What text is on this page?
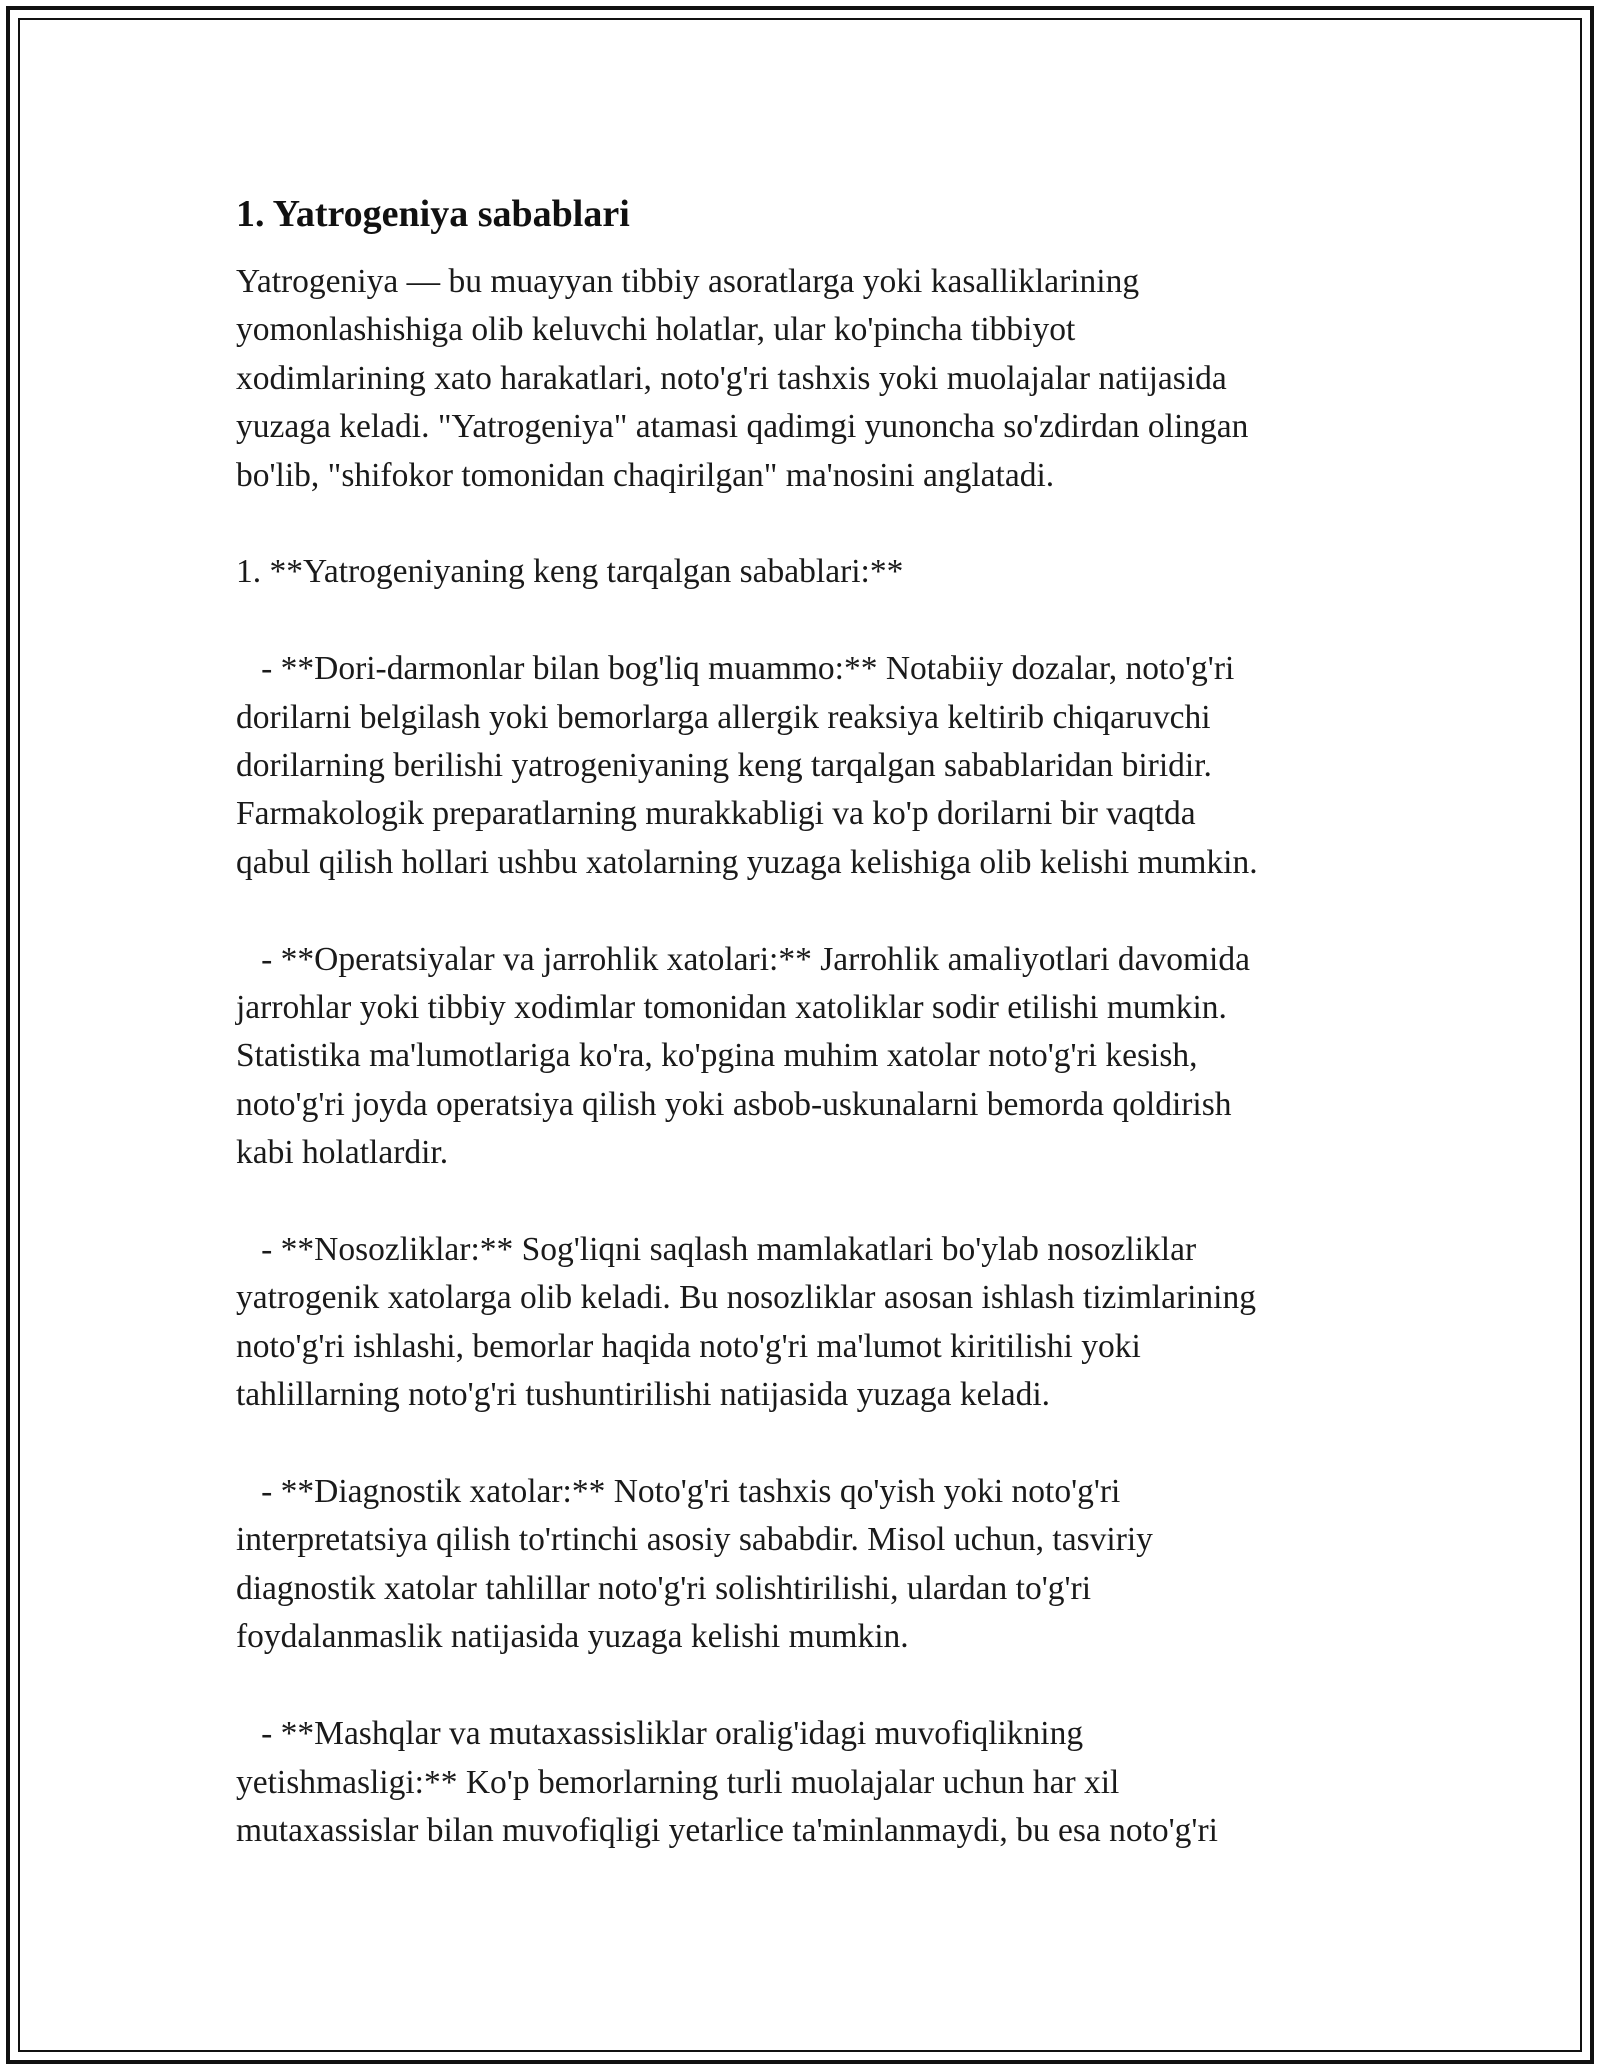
1. Yatrogeniya sabablari

Yatrogeniya — bu muayyan tibbiy asoratlarga yoki kasalliklarining
yomonlashishiga olib keluvchi holatlar, ular ko'pincha tibbiyot
xodimlarining xato harakatlari, noto'g'ri tashxis yoki muolajalar natijasida
yuzaga keladi. "Yatrogeniya" atamasi qadimgi yunoncha so'zdirdan olingan
bo'lib, "shifokor tomonidan chaqirilgan" ma'nosini anglatadi.

1. **Yatrogeniyaning keng tarqalgan sabablari:**

- **Dori-darmonlar bilan bog'liq muammo:** Notabiiy dozalar, noto'g'ri
dorilarni belgilash yoki bemorlarga allergik reaksiya keltirib chiqaruvchi
dorilarning berilishi yatrogeniyaning keng tarqalgan sabablaridan biridir.
Farmakologik preparatlarning murakkabligi va ko'p dorilarni bir vaqtda
qabul qilish hollari ushbu xatolarning yuzaga kelishiga olib kelishi mumkin.

- **Operatsiyalar va jarrohlik xatolari:** Jarrohlik amaliyotlari davomida
jarrohlar yoki tibbiy xodimlar tomonidan xatoliklar sodir etilishi mumkin.
Statistika ma'lumotlariga ko'ra, ko'pgina muhim xatolar noto'g'ri kesish,
noto'g'ri joyda operatsiya qilish yoki asbob-uskunalarni bemorda qoldirish
kabi holatlardir.

- **Nosozliklar:** Sog'liqni saqlash mamlakatlari bo'ylab nosozliklar
yatrogenik xatolarga olib keladi. Bu nosozliklar asosan ishlash tizimlarining
noto'g'ri ishlashi, bemorlar haqida noto'g'ri ma'lumot kiritilishi yoki
tahlillarning noto'g'ri tushuntirilishi natijasida yuzaga keladi.

- **Diagnostik xatolar:** Noto'g'ri tashxis qo'yish yoki noto'g'ri
interpretatsiya qilish to'rtinchi asosiy sababdir. Misol uchun, tasviriy
diagnostik xatolar tahlillar noto'g'ri solishtirilishi, ulardan to'g'ri
foydalanmaslik natijasida yuzaga kelishi mumkin.

- **Mashqlar va mutaxassisliklar oralig'idagi muvofiqlikning
yetishmasligi:** Ko'p bemorlarning turli muolajalar uchun har xil
mutaxassislar bilan muvofiqligi yetarlice ta'minlanmaydi, bu esa noto'g'ri
